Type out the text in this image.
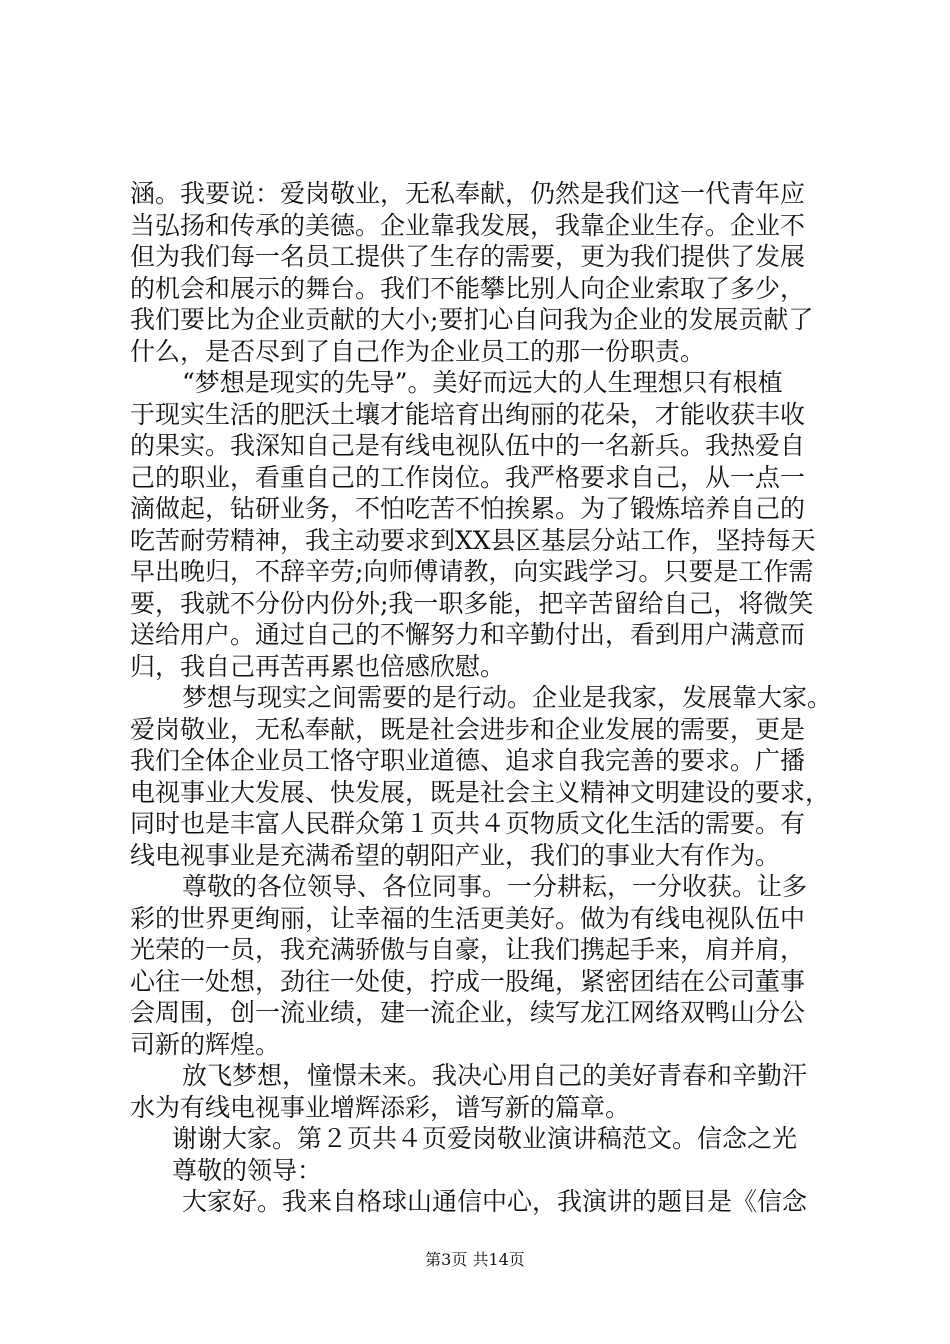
涵。我要说：爱岗敬业，无私奉献，仍然是我们这一代青年应
当弘扬和传承的美德。企业靠我发展，我靠企业生存。企业不
但为我们每一名员工提供了生存的需要，更为我们提供了发展
的机会和展示的舞台。我们不能攀比别人向企业索取了多少，
我们要比为企业贡献的大小;要扪心自问我为企业的发展贡献了
什么，是否尽到了自己作为企业员工的那一份职责。
“梦想是现实的先导”。美好而远大的人生理想只有根植
于现实生活的肥沃土壤才能培育出绚丽的花朵，才能收获丰收
的果实。我深知自己是有线电视队伍中的一名新兵。我热爱自
己的职业，看重自己的工作岗位。我严格要求自己，从一点一
滴做起，钻研业务，不怕吃苦不怕挨累。为了锻炼培养自己的
吃苦耐劳精神，我主动要求到XX县区基层分站工作，坚持每天
早出晚归，不辞辛劳;向师傅请教，向实践学习。只要是工作需
要，我就不分份内份外;我一职多能，把辛苦留给自己，将微笑
送给用户。通过自己的不懈努力和辛勤付出，看到用户满意而
归，我自己再苦再累也倍感欣慰。
梦想与现实之间需要的是行动。企业是我家，发展靠大家。
爱岗敬业，无私奉献，既是社会进步和企业发展的需要，更是
我们全体企业员工恪守职业道德、追求自我完善的要求。广播
电视事业大发展、快发展，既是社会主义精神文明建设的要求，
同时也是丰富人民群众第１页共４页物质文化生活的需要。有
线电视事业是充满希望的朝阳产业，我们的事业大有作为。
尊敬的各位领导、各位同事。一分耕耘，一分收获。让多
彩的世界更绚丽，让幸福的生活更美好。做为有线电视队伍中
光荣的一员，我充满骄傲与自豪，让我们携起手来，肩并肩，
心往一处想，劲往一处使，拧成一股绳，紧密团结在公司董事
会周围，创一流业绩，建一流企业，续写龙江网络双鸭山分公
司新的辉煌。
放飞梦想，憧憬未来。我决心用自己的美好青春和辛勤汗
水为有线电视事业增辉添彩，谱写新的篇章。
谢谢大家。第２页共４页爱岗敬业演讲稿范文。信念之光
尊敬的领导：
大家好。我来自格球山通信中心，我演讲的题目是《信念
第3页 共14页
